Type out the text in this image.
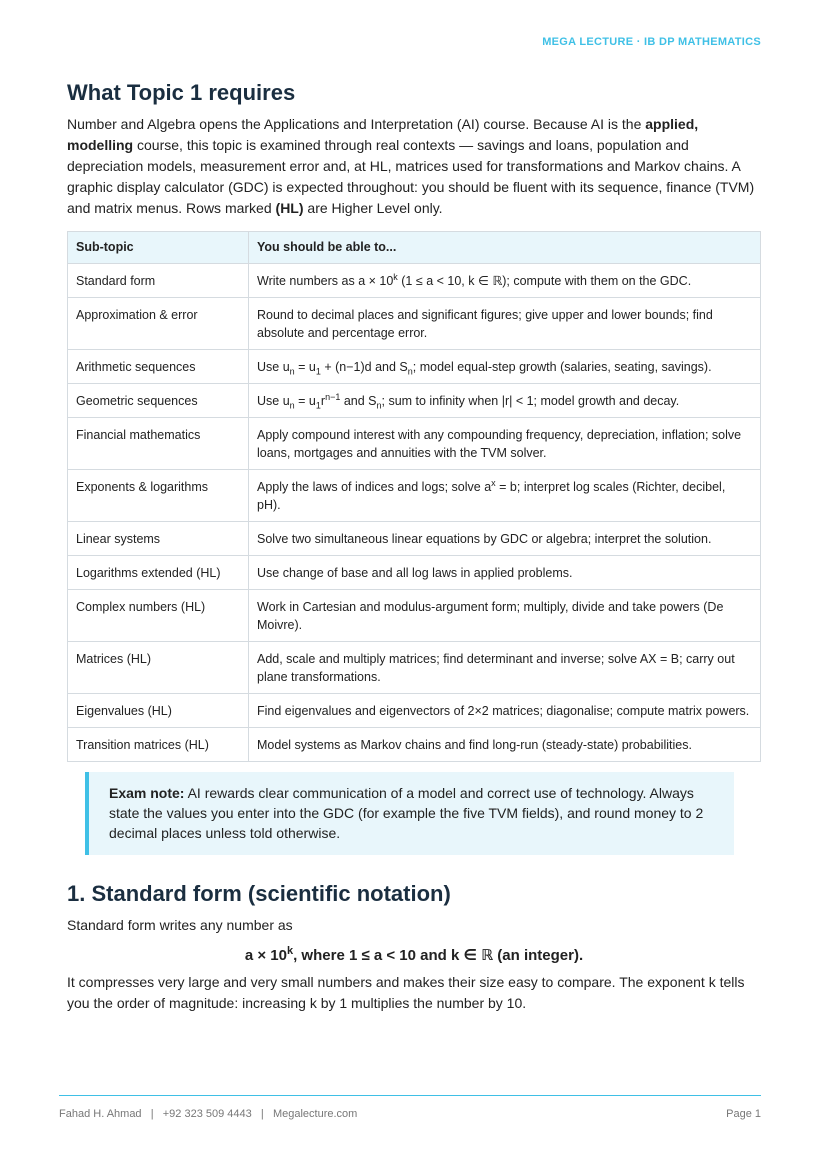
MEGA LECTURE · IB DP MATHEMATICS
What Topic 1 requires

Number and Algebra opens the Applications and Interpretation (AI) course. Because AI is the applied, modelling course, this topic is examined through real contexts — savings and loans, population and depreciation models, measurement error and, at HL, matrices used for transformations and Markov chains. A graphic display calculator (GDC) is expected throughout: you should be fluent with its sequence, finance (TVM) and matrix menus. Rows marked (HL) are Higher Level only.

Sub-topic	You should be able to...
Standard form	Write numbers as $a \times 10^k$ (1 ≤ a < 10, k ∈ ℝ); compute with them on the GDC.
Approximation & error	Round to decimal places and significant figures; give upper and lower bounds; find absolute and percentage error.
Arithmetic sequences	Use $u_n = u_1 + (n-1)d$ and $S_n$; model equal-step growth (salaries, seating, savings).
Geometric sequences	Use $u_n = u_1r^{n-1}$ and $S_n$; sum to infinity when |r| < 1; model growth and decay.
Financial mathematics	Apply compound interest with any compounding frequency, depreciation, inflation; solve loans, mortgages and annuities with the TVM solver.
Exponents & logarithms	Apply the laws of indices and logs; solve $a^x = b$; interpret log scales (Richter, decibel, pH).
Linear systems	Solve two simultaneous linear equations by GDC or algebra; interpret the solution.
Logarithms extended (HL)	Use change of base and all log laws in applied problems.
Complex numbers (HL)	Work in Cartesian and modulus-argument form; multiply, divide and take powers (De Moivre).
Matrices (HL)	Add, scale and multiply matrices; find determinant and inverse; solve AX = B; carry out plane transformations.
Eigenvalues (HL)	Find eigenvalues and eigenvectors of 2×2 matrices; diagonalise; compute matrix powers.
Transition matrices (HL)	Model systems as Markov chains and find long-run (steady-state) probabilities.
Exam note: AI rewards clear communication of a model and correct use of technology. Always state the values you enter into the GDC (for example the five TVM fields), and round money to 2 decimal places unless told otherwise.
1. Standard form (scientific notation)

Standard form writes any number as

$a \times 10^k$, where 1 ≤ a < 10 and k ∈ ℝ (an integer).

It compresses very large and very small numbers and makes their size easy to compare. The exponent k tells you the order of magnitude: increasing k by 1 multiplies the number by 10.

Fahad H. Ahmad   |   +92 323 509 4443   |   Megalecture.com	Page 1
